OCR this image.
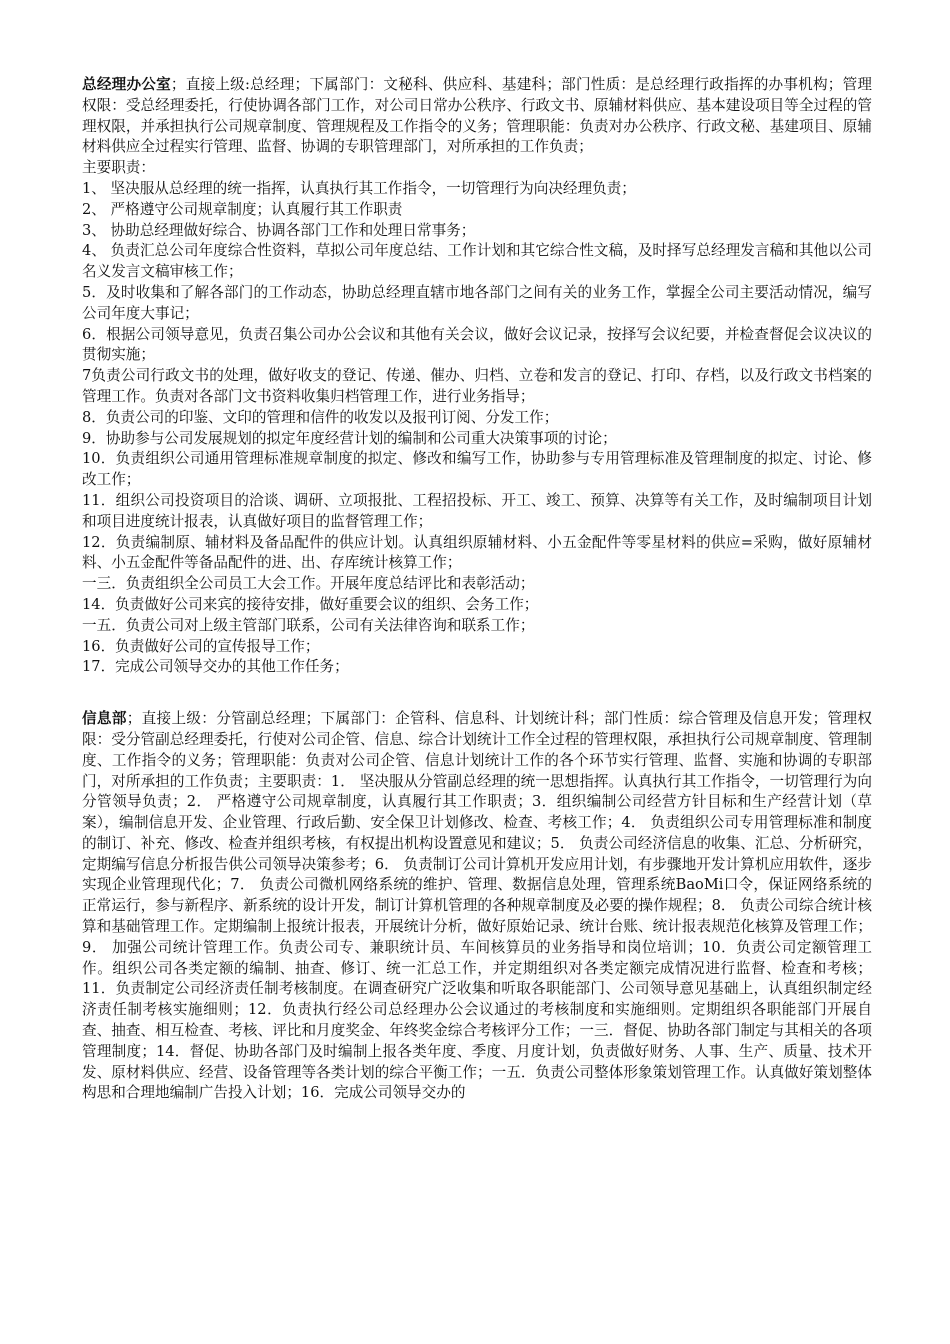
总经理办公室；直接上级:总经理；下属部门：文秘科、供应科、基建科；部门性质：是总经理行政指挥的办事机构；管理权限：受总经理委托，行使协调各部门工作，对公司日常办公秩序、行政文书、原辅材料供应、基本建设项目等全过程的管理权限，并承担执行公司规章制度、管理规程及工作指令的义务；管理职能：负责对办公秩序、行政文秘、基建项目、原辅材料供应全过程实行管理、监督、协调的专职管理部门，对所承担的工作负责；

主要职责：

1、 坚决服从总经理的统一指挥，认真执行其工作指令，一切管理行为向决经理负责；

2、 严格遵守公司规章制度；认真履行其工作职责

3、 协助总经理做好综合、协调各部门工作和处理日常事务；

4、 负责汇总公司年度综合性资料，草拟公司年度总结、工作计划和其它综合性文稿，及时择写总经理发言稿和其他以公司名义发言文稿审核工作；

5．及时收集和了解各部门的工作动态，协助总经理直辖市地各部门之间有关的业务工作，掌握全公司主要活动情况，编写公司年度大事记；

6．根据公司领导意见，负责召集公司办公会议和其他有关会议，做好会议记录，按择写会议纪要，并检查督促会议决议的贯彻实施；

7负责公司行政文书的处理，做好收支的登记、传递、催办、归档、立卷和发言的登记、打印、存档，以及行政文书档案的管理工作。负责对各部门文书资料收集归档管理工作，进行业务指导；

8．负责公司的印鉴、文印的管理和信件的收发以及报刊订阅、分发工作；

9．协助参与公司发展规划的拟定年度经营计划的编制和公司重大决策事项的讨论；

10．负责组织公司通用管理标准规章制度的拟定、修改和编写工作，协助参与专用管理标准及管理制度的拟定、讨论、修改工作；

11．组织公司投资项目的洽谈、调研、立项报批、工程招投标、开工、竣工、预算、决算等有关工作，及时编制项目计划和项目进度统计报表，认真做好项目的监督管理工作；

12．负责编制原、辅材料及备品配件的供应计划。认真组织原辅材料、小五金配件等零星材料的供应=采购，做好原辅材料、小五金配件等备品配件的进、出、存库统计核算工作；

一三．负责组织全公司员工大会工作。开展年度总结评比和表彰活动；

14．负责做好公司来宾的接待安排，做好重要会议的组织、会务工作；

一五．负责公司对上级主管部门联系，公司有关法律咨询和联系工作；

16．负责做好公司的宣传报导工作；

17．完成公司领导交办的其他工作任务；

信息部；直接上级：分管副总经理；下属部门：企管科、信息科、计划统计科；部门性质：综合管理及信息开发；管理权限：受分管副总经理委托，行使对公司企管、信息、综合计划统计工作全过程的管理权限，承担执行公司规章制度、管理制度、工作指令的义务；管理职能：负责对公司企管、信息计划统计工作的各个环节实行管理、监督、实施和协调的专职部门，对所承担的工作负责；主要职责：1． 坚决服从分管副总经理的统一思想指挥。认真执行其工作指令，一切管理行为向分管领导负责；2． 严格遵守公司规章制度，认真履行其工作职责；3．组织编制公司经营方针目标和生产经营计划（草案），编制信息开发、企业管理、行政后勤、安全保卫计划修改、检查、考核工作；4． 负责组织公司专用管理标准和制度的制订、补充、修改、检查并组织考核，有权提出机构设置意见和建议；5． 负责公司经济信息的收集、汇总、分析研究，定期编写信息分析报告供公司领导决策参考；6． 负责制订公司计算机开发应用计划，有步骤地开发计算机应用软件，逐步实现企业管理现代化；7． 负责公司微机网络系统的维护、管理、数据信息处理，管理系统BaoMi口令，保证网络系统的正常运行，参与新程序、新系统的设计开发，制订计算机管理的各种规章制度及必要的操作规程；8． 负责公司综合统计核算和基础管理工作。定期编制上报统计报表，开展统计分析，做好原始记录、统计台账、统计报表规范化核算及管理工作；9． 加强公司统计管理工作。负责公司专、兼职统计员、车间核算员的业务指导和岗位培训；10．负责公司定额管理工作。组织公司各类定额的编制、抽查、修订、统一汇总工作，并定期组织对各类定额完成情况进行监督、检查和考核；11．负责制定公司经济责任制考核制度。在调查研究广泛收集和听取各职能部门、公司领导意见基础上，认真组织制定经济责任制考核实施细则；12．负责执行经公司总经理办公会议通过的考核制度和实施细则。定期组织各职能部门开展自查、抽查、相互检查、考核、评比和月度奖金、年终奖金综合考核评分工作；一三．督促、协助各部门制定与其相关的各项管理制度；14．督促、协助各部门及时编制上报各类年度、季度、月度计划，负责做好财务、人事、生产、质量、技术开发、原材料供应、经营、设备管理等各类计划的综合平衡工作；一五．负责公司整体形象策划管理工作。认真做好策划整体构思和合理地编制广告投入计划；16．完成公司领导交办的
